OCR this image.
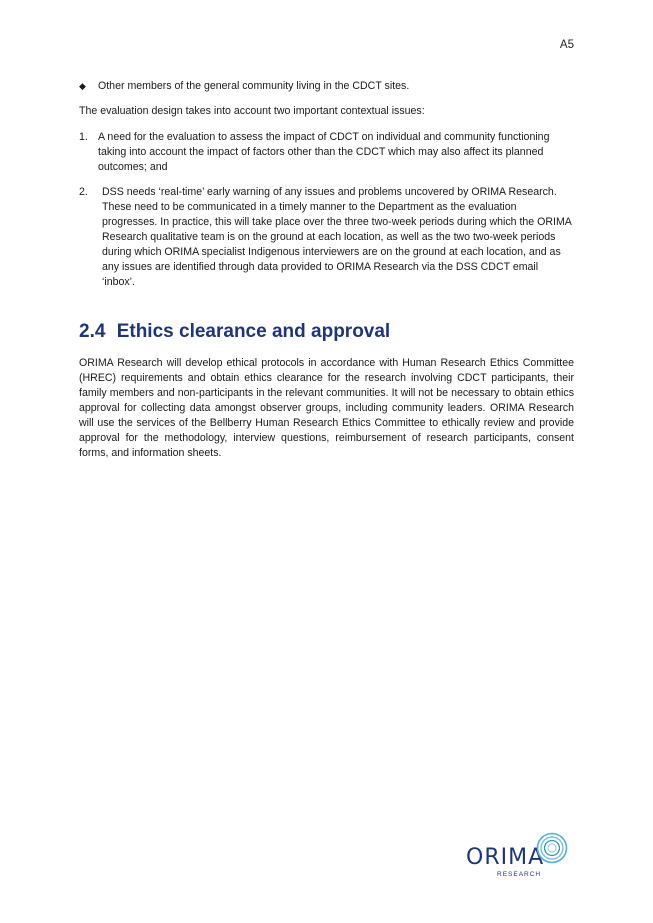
A5
◆	Other members of the general community living in the CDCT sites.

The evaluation design takes into account two important contextual issues:

1. A need for the evaluation to assess the impact of CDCT on individual and community functioning taking into account the impact of factors other than the CDCT which may also affect its planned outcomes; and
2.	DSS needs ‘real-time’ early warning of any issues and problems uncovered by ORIMA Research. These need to be communicated in a timely manner to the Department as the evaluation progresses. In practice, this will take place over the three two-week periods during which the ORIMA Research qualitative team is on the ground at each location, as well as the two two-week periods during which ORIMA specialist Indigenous interviewers are on the ground at each location, and as any issues are identified through data provided to ORIMA Research via the DSS CDCT email ‘inbox’.
2.4 Ethics clearance and approval

ORIMA Research will develop ethical protocols in accordance with Human Research Ethics Committee (HREC) requirements and obtain ethics clearance for the research involving CDCT participants, their family members and non-participants in the relevant communities. It will not be necessary to obtain ethics approval for collecting data amongst observer groups, including community leaders. ORIMA Research will use the services of the Bellberry Human Research Ethics Committee to ethically review and provide approval for the methodology, interview questions, reimbursement of research participants, consent forms, and information sheets.

ORIMA
RESEARCH
